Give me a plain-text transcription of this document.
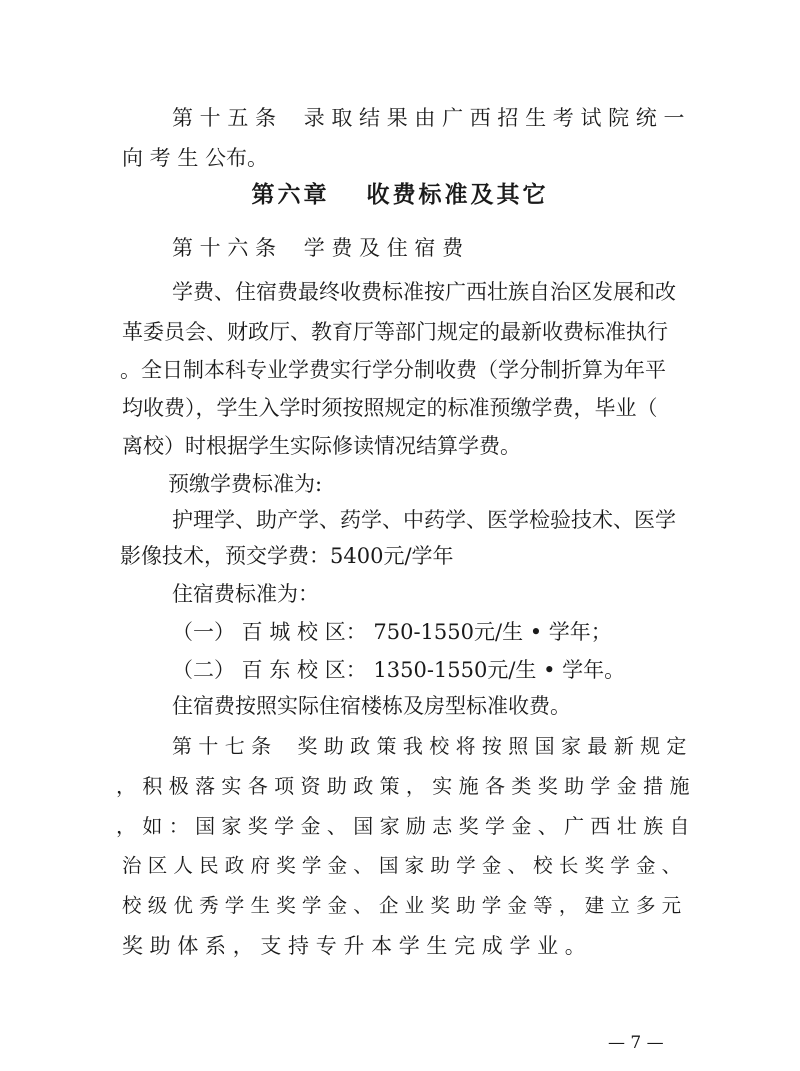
第 十 五 条　 录 取 结 果 由 广 西 招 生 考 试 院 统 一
向 考 生 公布。
第六章　 收费标准及其它
第 十 六 条　 学 费 及 住 宿 费
学费、住宿费最终收费标准按广西壮族自治区发展和改
革委员会、财政厅、教育厅等部门规定的最新收费标准执行
。全日制本科专业学费实行学分制收费（学分制折算为年平
均收费），学生入学时须按照规定的标准预缴学费，毕业（
离校）时根据学生实际修读情况结算学费。
预缴学费标准为:
护理学、助产学、药学、中药学、医学检验技术、医学
影像技术，预交学费：5400元/学年
住宿费标准为：
（一） 百 城 校 区： 750-1550元/生 • 学年；
（二） 百 东 校 区： 1350-1550元/生 • 学年。
住宿费按照实际住宿楼栋及房型标准收费。
第 十 七 条　 奖 助 政 策 我 校 将 按 照 国 家 最 新 规 定
， 积 极 落 实 各 项 资 助 政 策 ， 实 施 各 类 奖 助 学 金 措 施
， 如 ： 国 家 奖 学 金 、 国 家 励 志 奖 学 金 、 广 西 壮 族 自
治 区 人 民 政 府 奖 学 金 、 国 家 助 学 金 、 校 长 奖 学 金 、
校 级 优 秀 学 生 奖 学 金 、 企 业 奖 助 学 金 等 ， 建 立 多 元
奖 助 体 系 ， 支 持 专 升 本 学 生 完 成 学 业 。
— 7 —
